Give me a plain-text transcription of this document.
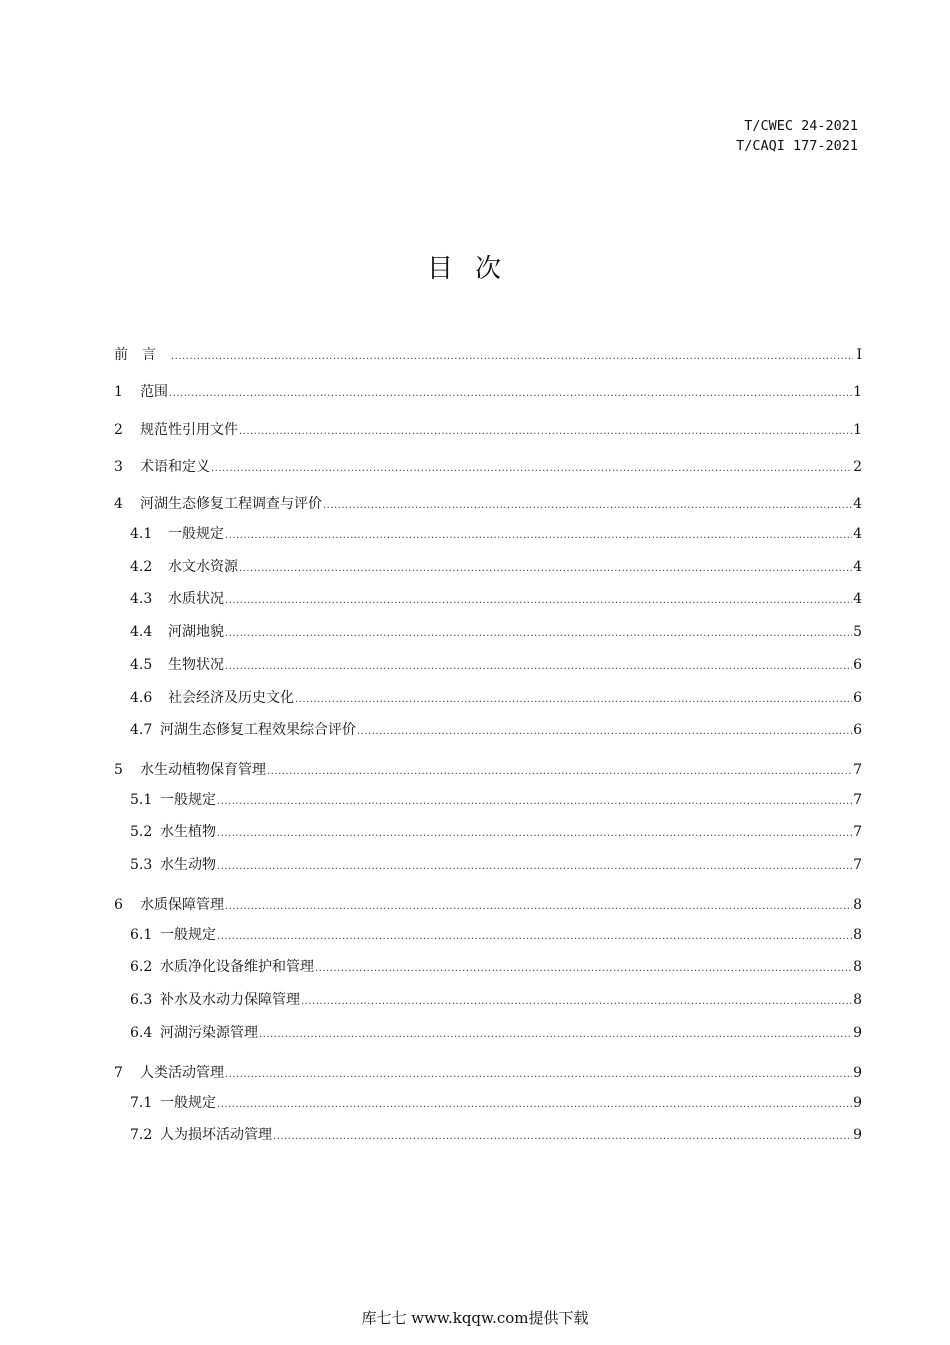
T/CWEC 24-2021
T/CAQI 177-2021
目次
前言 .....	I
1	范围 .....	1
2	规范性引用文件 .....	1
3	术语和定义 .....	2
4	河湖生态修复工程调查与评价 .....	4
4.1	一般规定 .....	4
4.2	水文水资源 .....	4
4.3	水质状况 .....	4
4.4	河湖地貌 .....	5
4.5	生物状况 .....	6
4.6	社会经济及历史文化 .....	6
4.7 河湖生态修复工程效果综合评价 .....	6
5	水生动植物保育管理 .....	7
5.1 一般规定 .....	7
5.2 水生植物 .....	7
5.3 水生动物 .....	7
6	水质保障管理 .....	8
6.1 一般规定 .....	8
6.2 水质净化设备维护和管理 .....	8
6.3 补水及水动力保障管理 .....	8
6.4 河湖污染源管理 .....	9
7	人类活动管理 .....	9
7.1 一般规定 .....	9
7.2 人为损坏活动管理 .....	9
库七七 www.kqqw.com提供下载
